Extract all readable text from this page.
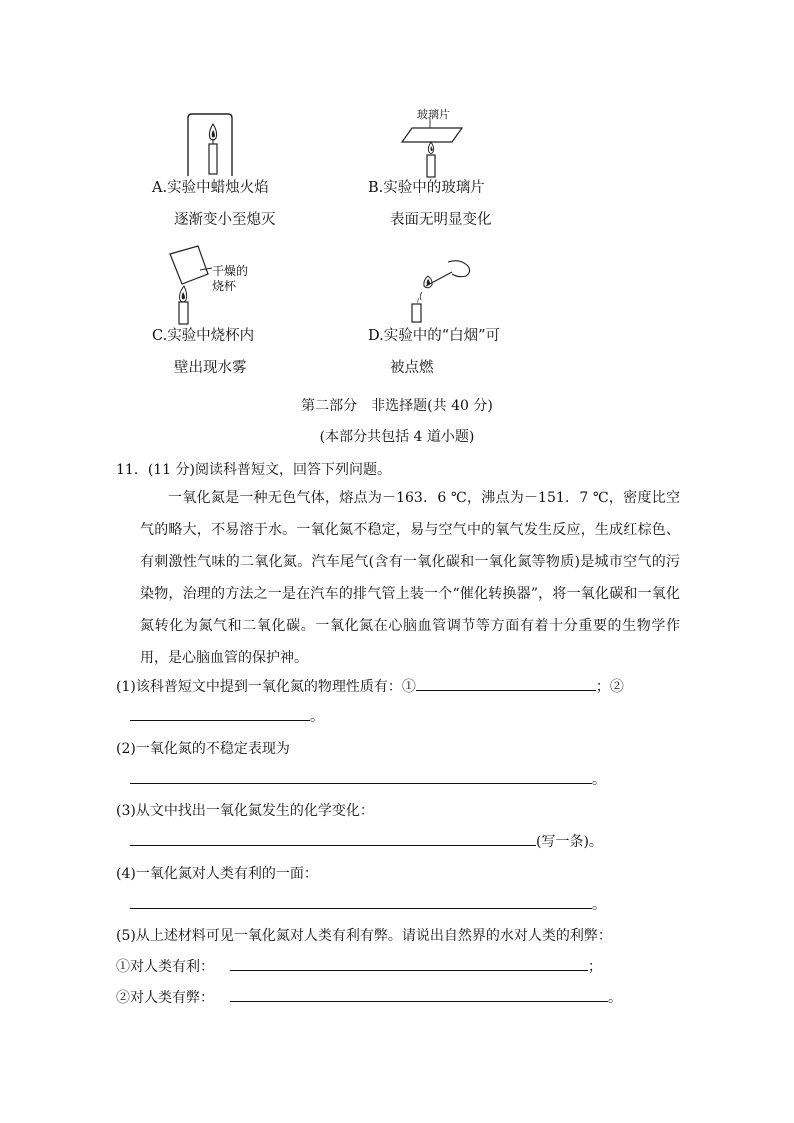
A.实验中蜡烛火焰
逐渐变小至熄灭
玻璃片
B.实验中的玻璃片
表面无明显变化
干燥的
烧杯
C.实验中烧杯内
壁出现水雾
D.实验中的“白烟”可
被点燃
第二部分　非选择题(共 40 分)
(本部分共包括 4 道小题)
11．(11 分)阅读科普短文，回答下列问题。
一氧化氮是一种无色气体，熔点为－163．6 ℃，沸点为－151．7 ℃，密度比空气的略大，不易溶于水。一氧化氮不稳定，易与空气中的氧气发生反应，生成红棕色、有刺激性气味的二氧化氮。汽车尾气(含有一氧化碳和一氧化氮等物质)是城市空气的污染物，治理的方法之一是在汽车的排气管上装一个“催化转换器”，将一氧化碳和一氧化氮转化为氮气和二氧化碳。一氧化氮在心脑血管调节等方面有着十分重要的生物学作用，是心脑血管的保护神。
(1)该科普短文中提到一氧化氮的物理性质有：①	；②
。
(2)一氧化氮的不稳定表现为
。
(3)从文中找出一氧化氮发生的化学变化：
(写一条)。
(4)一氧化氮对人类有利的一面：
。
(5)从上述材料可见一氧化氮对人类有利有弊。请说出自然界的水对人类的利弊：
①对人类有利：	；
②对人类有弊：	。
